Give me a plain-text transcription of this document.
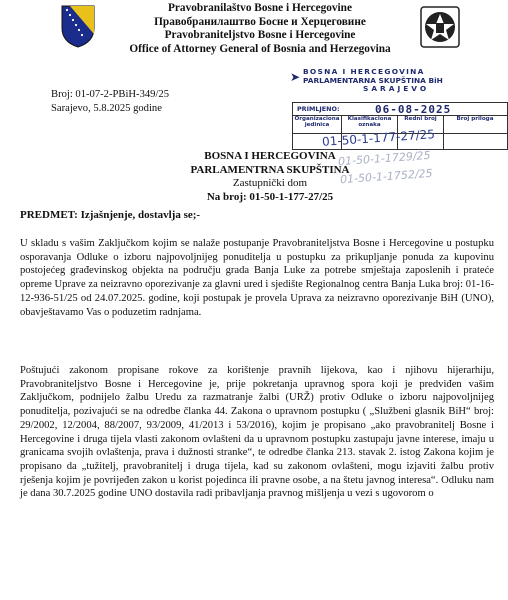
Pravobranilaštvo Bosne i Hercegovine
Правобранилаштво Босне и Херцеговине
Pravobraniteljstvo Bosne i Hercegovine
Office of Attorney General of Bosnia and Herzegovina
Broj: 01-07-2-PBiH-349/25
Sarajevo, 5.8.2025 godine
➤ BOSNA I HERCEGOVINA
PARLAMENTARNA SKUPŠTINA BiH
SARAJEVO
PRIMLJENO:	06-08-2025
Organizaciona jedinica
Klasifikaciona oznaka
Redni broj	Broj priloga
01-50-1-177-27/25
01-50-1-1729/25
01-50-1-1752/25
BOSNA I HERCEGOVINA
PARLAMENTRNA SKUPŠTINA
Zastupnički dom
Na broj: 01-50-1-177-27/25
PREDMET: Izjašnjenje, dostavlja se;-

U skladu s vašim Zaključkom kojim se nalaže postupanje Pravobraniteljstva Bosne i Hercegovine u postupku osporavanja Odluke o izboru najpovoljnijeg ponuditelja u postupku za prikupljanje ponuda za kupovinu postojećeg građevinskog objekta na području grada Banja Luke za potrebe smještaja zaposlenih i prateće opreme Uprave za neizravno oporezivanje za glavni ured i sjedište Regionalnog centra Banja Luka broj: 01-16-12-936-51/25 od 24.07.2025. godine, koji postupak je provela Uprava za neizravno oporezivanje BiH (UNO), obavještavamo Vas o poduzetim radnjama.

Poštujući zakonom propisane rokove za korištenje pravnih lijekova, kao i njihovu hijerarhiju, Pravobraniteljstvo Bosne i Hercegovine je, prije pokretanja upravnog spora koji je predviđen vašim Zaključkom, podnijelo žalbu Uredu za razmatranje žalbi (URŽ) protiv Odluke o izboru najpovoljnijeg ponuditelja, pozivajući se na odredbe članka 44. Zakona o upravnom postupku ( „Službeni glasnik BiH“ broj: 29/2002, 12/2004, 88/2007, 93/2009, 41/2013 i 53/2016), kojim je propisano „ako pravobranitelj Bosne i Hercegovine i druga tijela vlasti zakonom ovlašteni da u upravnom postupku zastupaju javne interese, imaju u granicama svojih ovlaštenja, prava i dužnosti stranke“, te odredbe članka 213. stavak 2. istog Zakona kojim je propisano da „tužitelj, pravobranitelj i druga tijela, kad su zakonom ovlašteni, mogu izjaviti žalbu protiv rješenja kojim je povrijeđen zakon u korist pojedinca ili pravne osobe, a na štetu javnog interesa“. Odluku nam je dana 30.7.2025 godine UNO dostavila radi pribavljanja pravnog mišljenja u vezi s ugovorom o
